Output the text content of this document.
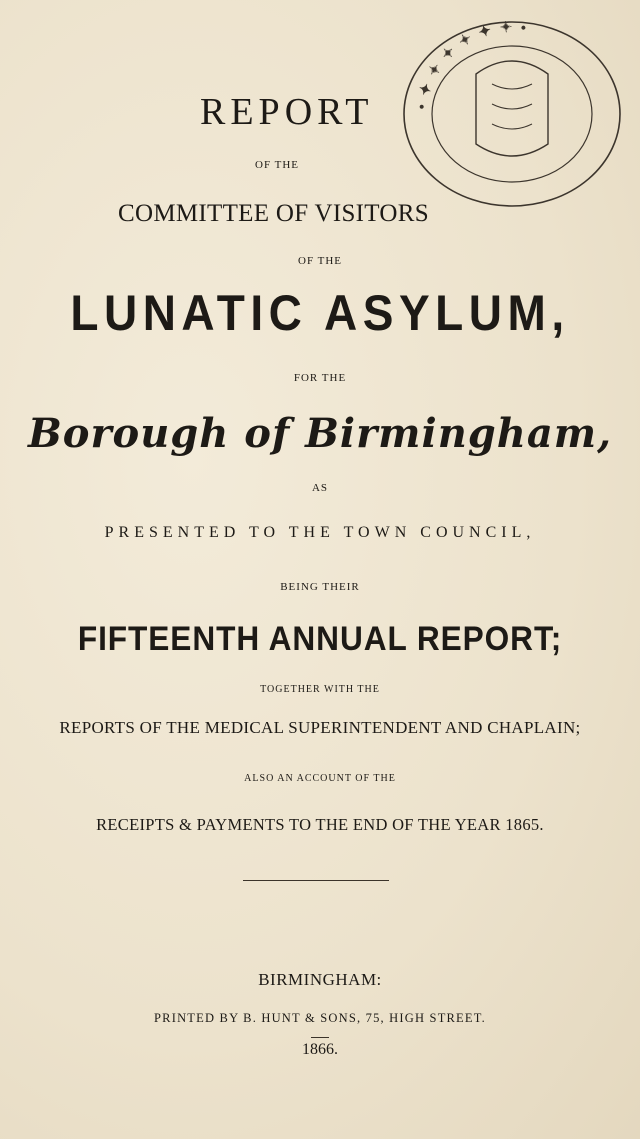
REPORT
OF THE
COMMITTEE OF VISITORS
OF THE
LUNATIC ASYLUM,
FOR THE
Borough of Birmingham,
AS
PRESENTED TO THE TOWN COUNCIL,
BEING THEIR
FIFTEENTH ANNUAL REPORT;
TOGETHER WITH THE
REPORTS OF THE MEDICAL SUPERINTENDENT AND CHAPLAIN;
ALSO AN ACCOUNT OF THE
RECEIPTS & PAYMENTS TO THE END OF THE YEAR 1865.
BIRMINGHAM:
PRINTED BY B. HUNT & SONS, 75, HIGH STREET.
1866.
• ✦ ✦ ✦ ✦ ✦ ✦ •
